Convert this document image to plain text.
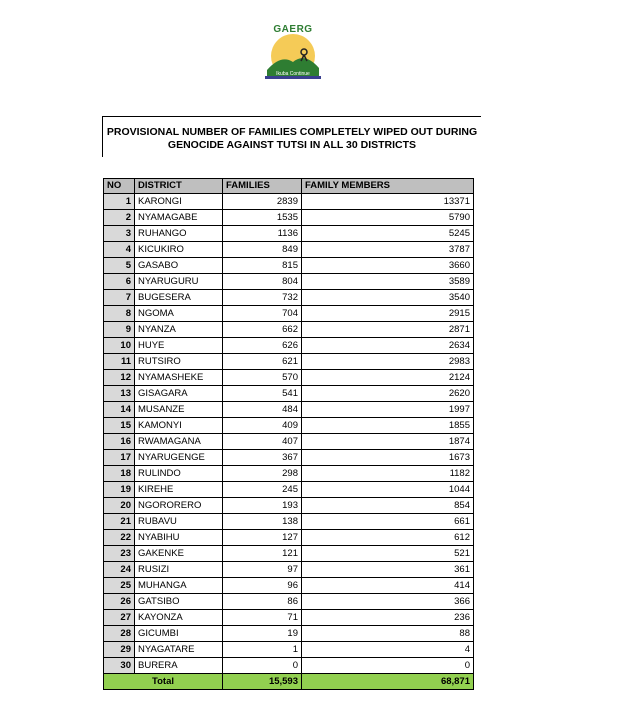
GAERG
Ikuba Continue
PROVISIONAL NUMBER OF FAMILIES COMPLETELY WIPED OUT DURING
GENOCIDE AGAINST TUTSI IN ALL 30 DISTRICTS
NO	DISTRICT	FAMILIES	FAMILY MEMBERS
1	KARONGI	2839	13371
2	NYAMAGABE	1535	5790
3	RUHANGO	1136	5245
4	KICUKIRO	849	3787
5	GASABO	815	3660
6	NYARUGURU	804	3589
7	BUGESERA	732	3540
8	NGOMA	704	2915
9	NYANZA	662	2871
10	HUYE	626	2634
11	RUTSIRO	621	2983
12	NYAMASHEKE	570	2124
13	GISAGARA	541	2620
14	MUSANZE	484	1997
15	KAMONYI	409	1855
16	RWAMAGANA	407	1874
17	NYARUGENGE	367	1673
18	RULINDO	298	1182
19	KIREHE	245	1044
20	NGORORERO	193	854
21	RUBAVU	138	661
22	NYABIHU	127	612
23	GAKENKE	121	521
24	RUSIZI	97	361
25	MUHANGA	96	414
26	GATSIBO	86	366
27	KAYONZA	71	236
28	GICUMBI	19	88
29	NYAGATARE	1	4
30	BURERA	0	0
Total		15,593	68,871
